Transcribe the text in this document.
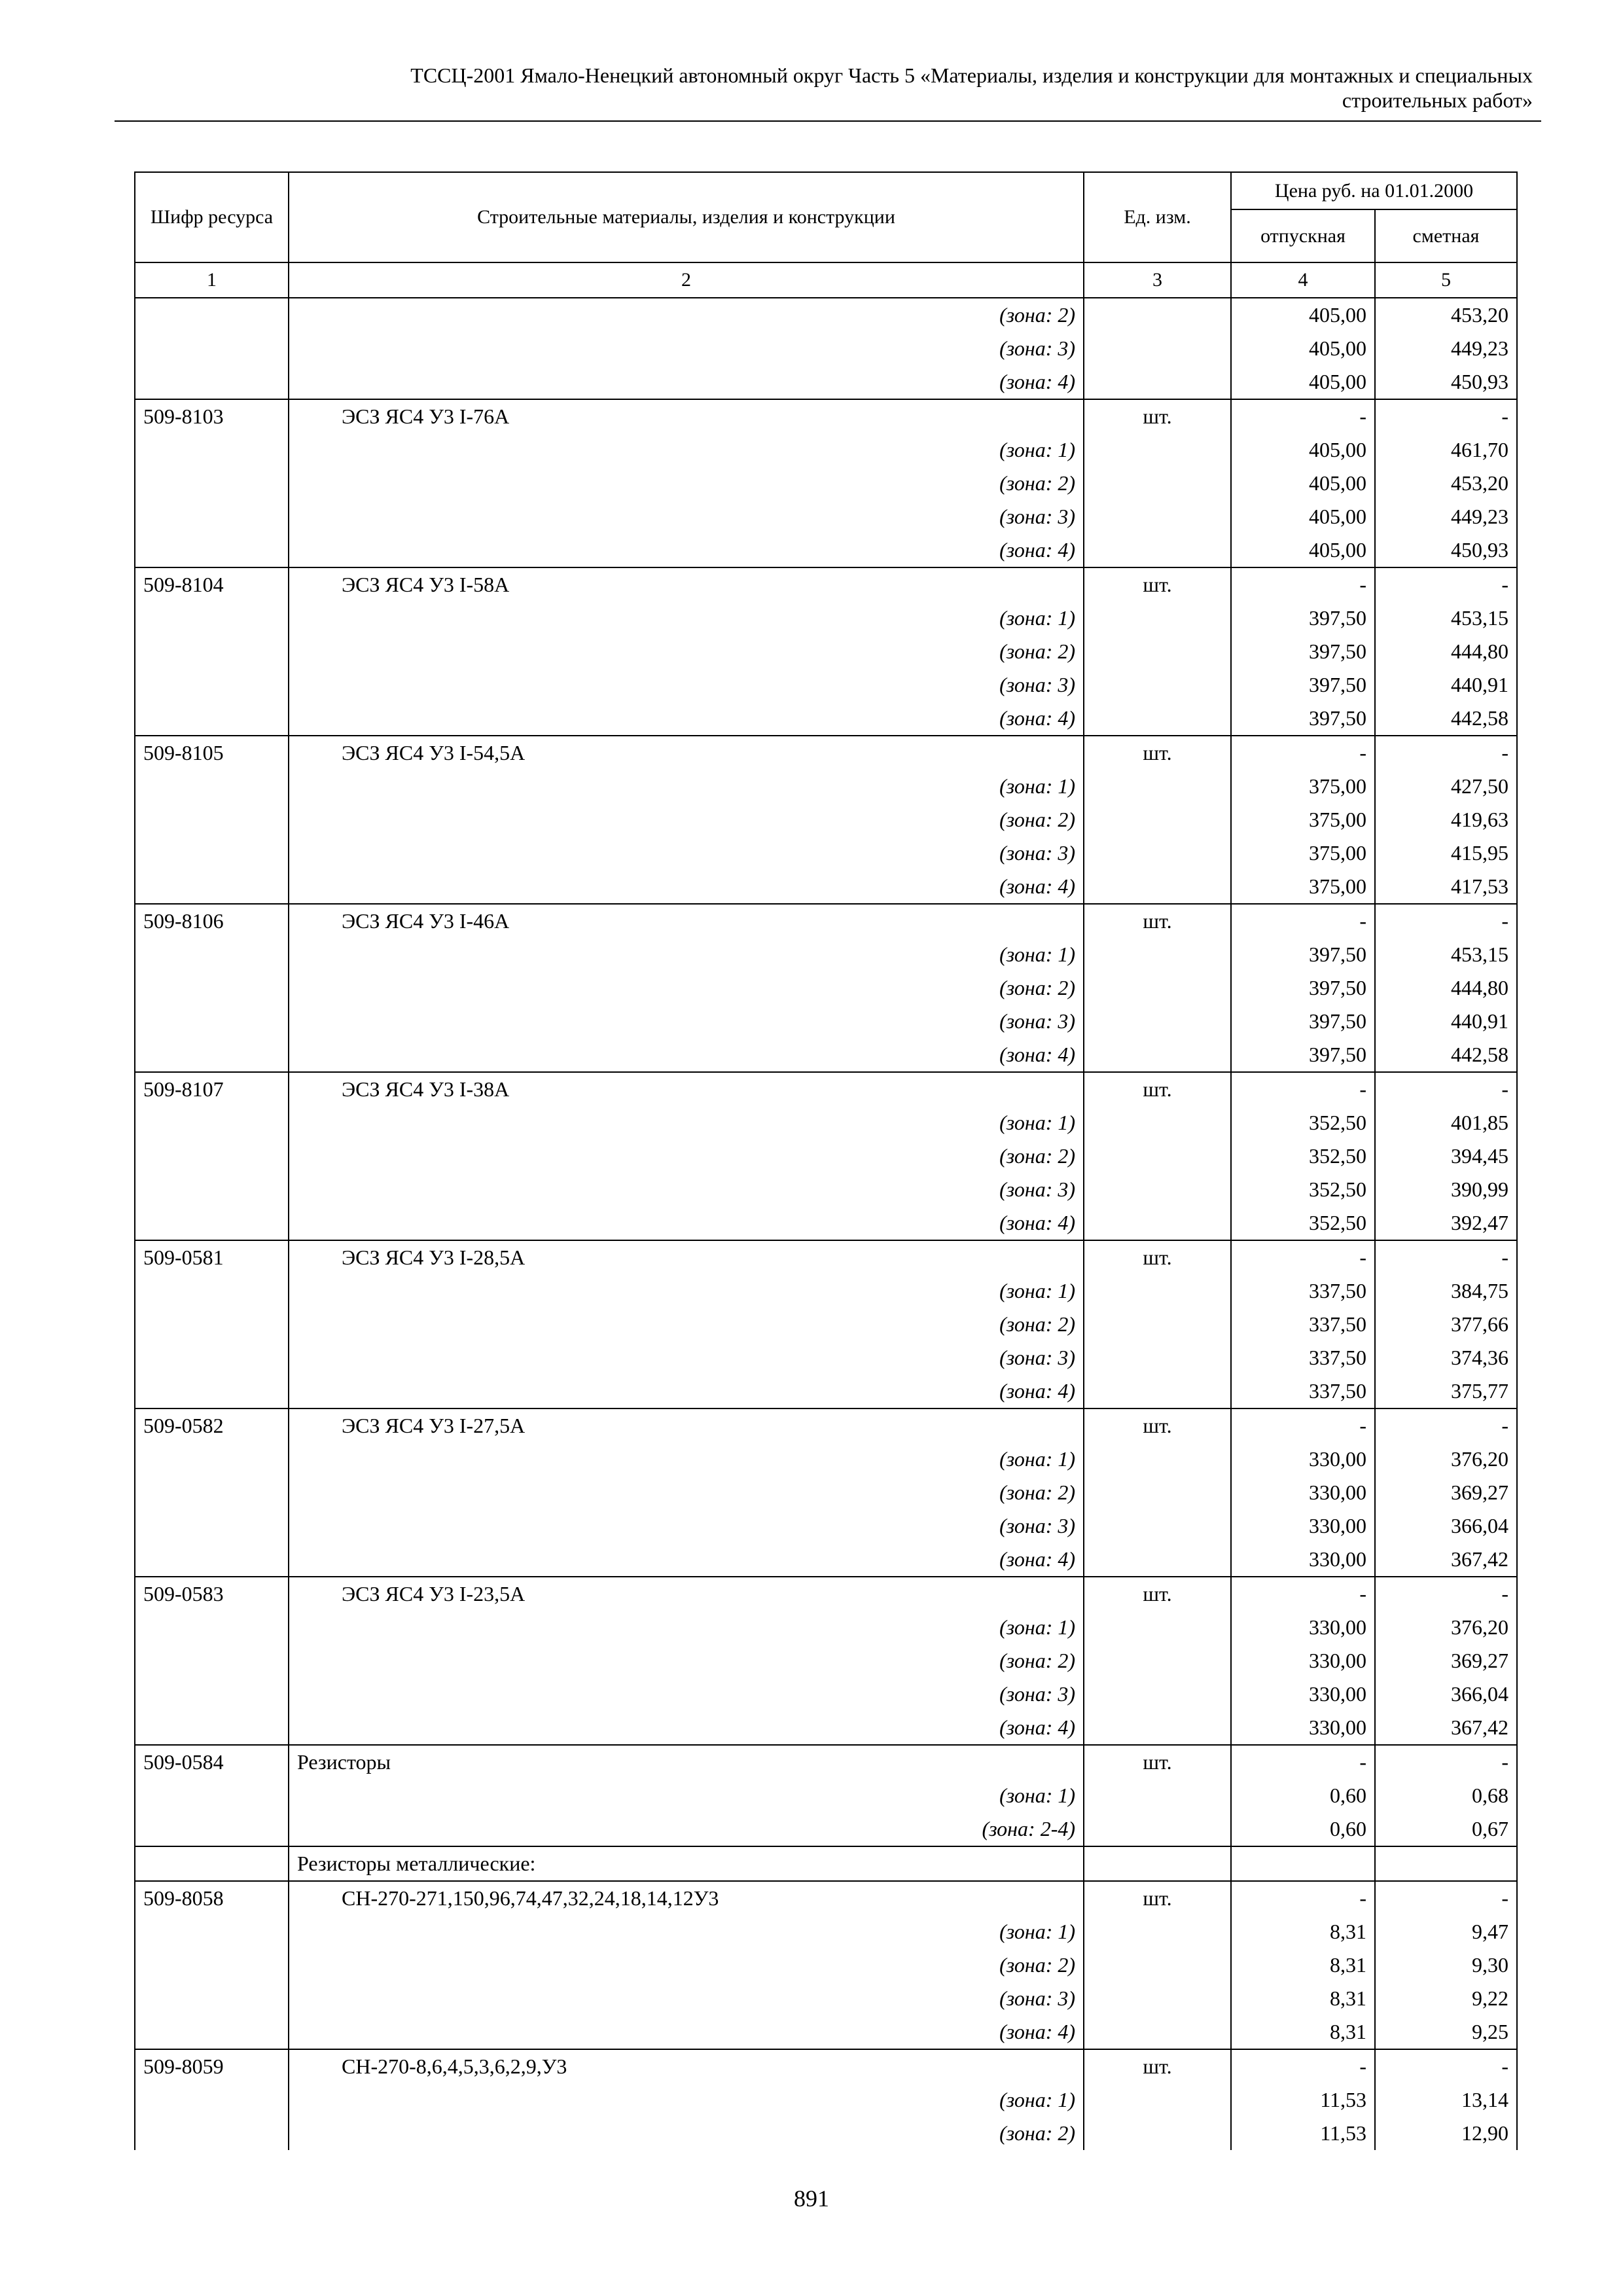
ТССЦ-2001 Ямало-Ненецкий автономный округ Часть 5 «Материалы, изделия и конструкции для монтажных и специальных
строительных работ»
Шифр ресурса	Строительные материалы, изделия и конструкции	Ед. изм.	Цена руб. на 01.01.2000	
			отпускная	сметная
1	2	3	4	5
	(зона: 2)		405,00	453,20
	(зона: 3)		405,00	449,23
	(зона: 4)		405,00	450,93
509-8103	ЭСЗ ЯС4 У3 I-76А	шт.	-	-
	(зона: 1)		405,00	461,70
	(зона: 2)		405,00	453,20
	(зона: 3)		405,00	449,23
	(зона: 4)		405,00	450,93
509-8104	ЭСЗ ЯС4 У3 I-58А	шт.	-	-
	(зона: 1)		397,50	453,15
	(зона: 2)		397,50	444,80
	(зона: 3)		397,50	440,91
	(зона: 4)		397,50	442,58
509-8105	ЭСЗ ЯС4 У3 I-54,5А	шт.	-	-
	(зона: 1)		375,00	427,50
	(зона: 2)		375,00	419,63
	(зона: 3)		375,00	415,95
	(зона: 4)		375,00	417,53
509-8106	ЭСЗ ЯС4 У3 I-46А	шт.	-	-
	(зона: 1)		397,50	453,15
	(зона: 2)		397,50	444,80
	(зона: 3)		397,50	440,91
	(зона: 4)		397,50	442,58
509-8107	ЭСЗ ЯС4 У3 I-38А	шт.	-	-
	(зона: 1)		352,50	401,85
	(зона: 2)		352,50	394,45
	(зона: 3)		352,50	390,99
	(зона: 4)		352,50	392,47
509-0581	ЭСЗ ЯС4 У3 I-28,5А	шт.	-	-
	(зона: 1)		337,50	384,75
	(зона: 2)		337,50	377,66
	(зона: 3)		337,50	374,36
	(зона: 4)		337,50	375,77
509-0582	ЭСЗ ЯС4 У3 I-27,5А	шт.	-	-
	(зона: 1)		330,00	376,20
	(зона: 2)		330,00	369,27
	(зона: 3)		330,00	366,04
	(зона: 4)		330,00	367,42
509-0583	ЭСЗ ЯС4 У3 I-23,5А	шт.	-	-
	(зона: 1)		330,00	376,20
	(зона: 2)		330,00	369,27
	(зона: 3)		330,00	366,04
	(зона: 4)		330,00	367,42
509-0584	Резисторы	шт.	-	-
	(зона: 1)		0,60	0,68
	(зона: 2-4)		0,60	0,67
	Резисторы металлические:			
509-8058	СН-270-271,150,96,74,47,32,24,18,14,12У3	шт.	-	-
	(зона: 1)		8,31	9,47
	(зона: 2)		8,31	9,30
	(зона: 3)		8,31	9,22
	(зона: 4)		8,31	9,25
509-8059	СН-270-8,6,4,5,3,6,2,9,У3	шт.	-	-
	(зона: 1)		11,53	13,14
	(зона: 2)		11,53	12,90
891
